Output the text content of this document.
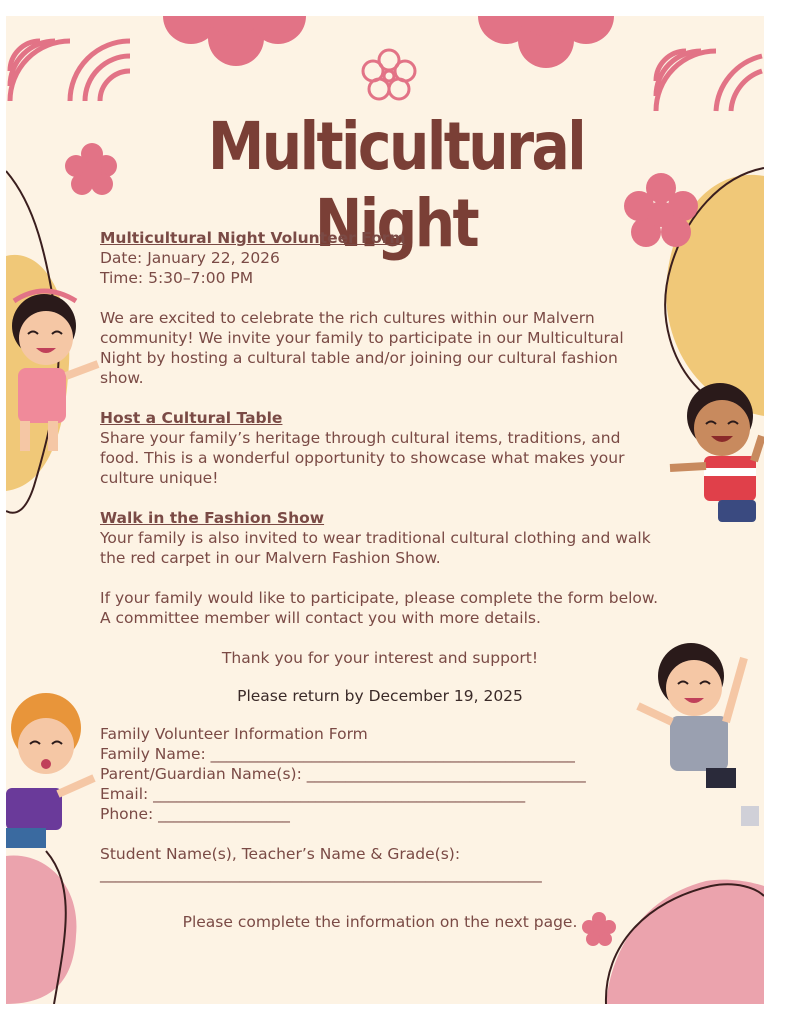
Multicultural Night

Multicultural Night Volunteer Form

Date: January 22, 2026

Time: 5:30–7:00 PM

We are excited to celebrate the rich cultures within our Malvern community! We invite your family to participate in our Multicultural Night by hosting a cultural table and/or joining our cultural fashion show.

Host a Cultural Table

Share your family’s heritage through cultural items, traditions, and food. This is a wonderful opportunity to showcase what makes your culture unique!

Walk in the Fashion Show

Your family is also invited to wear traditional cultural clothing and walk the red carpet in our Malvern Fashion Show.

If your family would like to participate, please complete the form below. A committee member will contact you with more details.

Thank you for your interest and support!

Please return by December 19, 2025

Family Volunteer Information Form

Family Name: _______________________________________________

Parent/Guardian Name(s): ____________________________________

Email: ________________________________________________

Phone: _________________

Student Name(s), Teacher’s Name & Grade(s):

_________________________________________________________

Please complete the information on the next page.
